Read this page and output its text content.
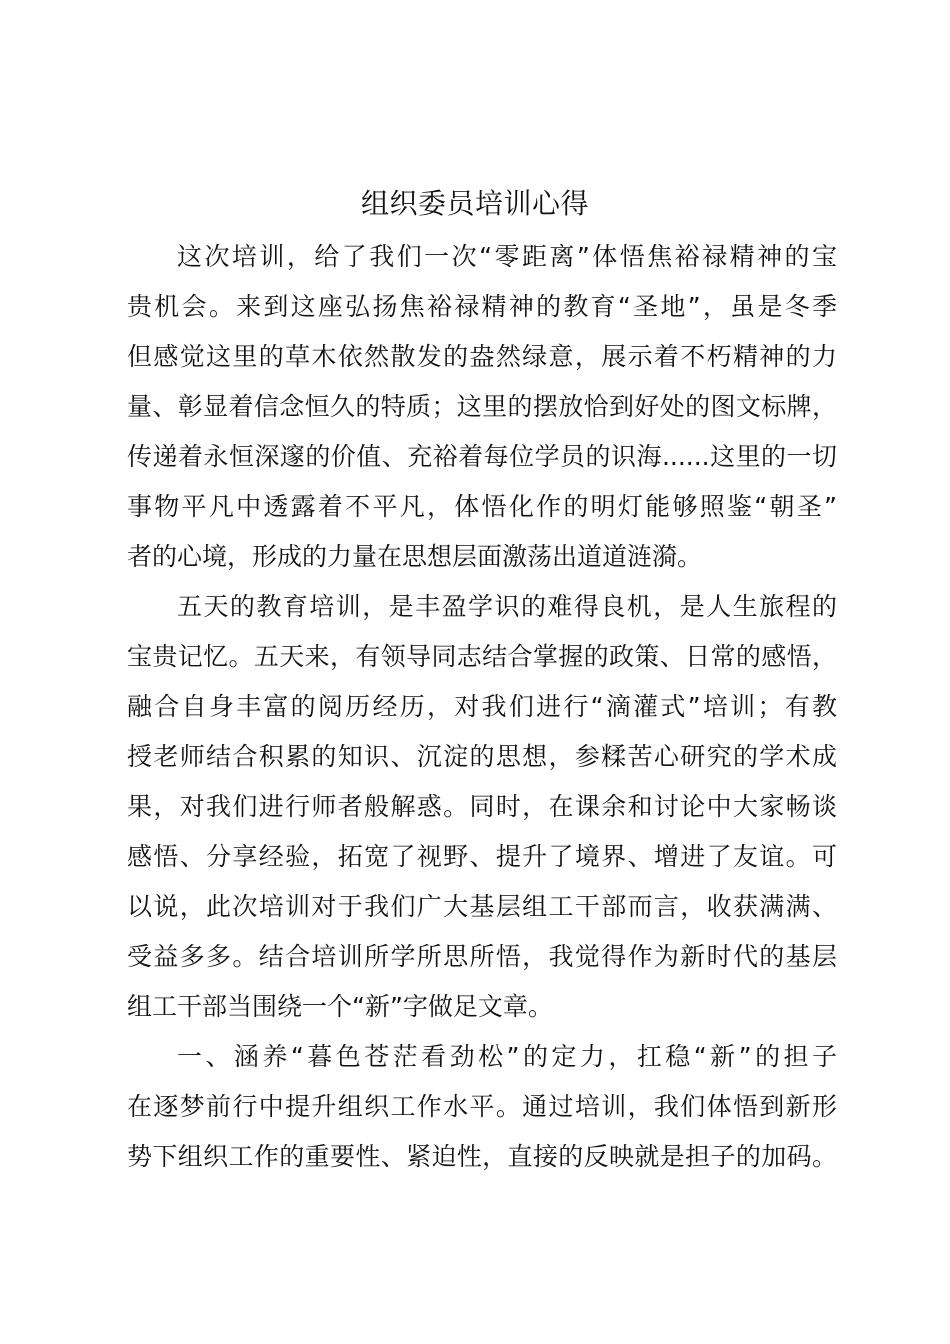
组织委员培训心得
这次培训，给了我们一次“零距离”体悟焦裕禄精神的宝
贵机会。来到这座弘扬焦裕禄精神的教育“圣地”，虽是冬季
但感觉这里的草木依然散发的盎然绿意，展示着不朽精神的力
量、彰显着信念恒久的特质；这里的摆放恰到好处的图文标牌，
传递着永恒深邃的价值、充裕着每位学员的识海......这里的一切
事物平凡中透露着不平凡，体悟化作的明灯能够照鉴“朝圣”
者的心境，形成的力量在思想层面激荡出道道涟漪。
五天的教育培训，是丰盈学识的难得良机，是人生旅程的
宝贵记忆。五天来，有领导同志结合掌握的政策、日常的感悟，
融合自身丰富的阅历经历，对我们进行“滴灌式”培训；有教
授老师结合积累的知识、沉淀的思想，参糅苦心研究的学术成
果，对我们进行师者般解惑。同时，在课余和讨论中大家畅谈
感悟、分享经验，拓宽了视野、提升了境界、增进了友谊。可
以说，此次培训对于我们广大基层组工干部而言，收获满满、
受益多多。结合培训所学所思所悟，我觉得作为新时代的基层
组工干部当围绕一个“新”字做足文章。
一、涵养“暮色苍茫看劲松”的定力，扛稳“新”的担子
在逐梦前行中提升组织工作水平。通过培训，我们体悟到新形
势下组织工作的重要性、紧迫性，直接的反映就是担子的加码。
